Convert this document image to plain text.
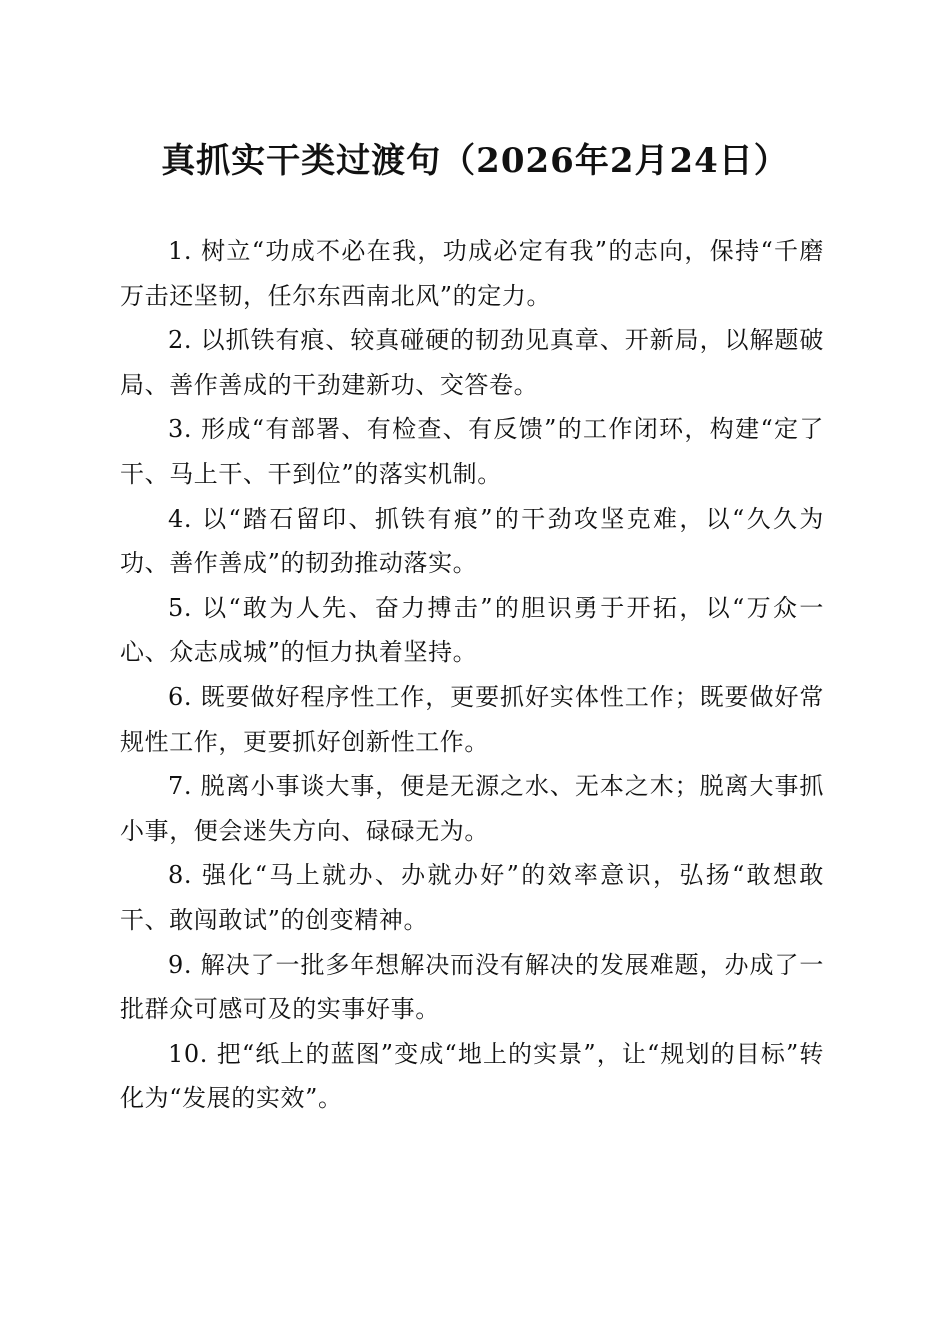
真抓实干类过渡句（2026年2月24日）

1. 树立“功成不必在我，功成必定有我”的志向，保持“千磨万击还坚韧，任尔东西南北风”的定力。

2. 以抓铁有痕、较真碰硬的韧劲见真章、开新局，以解题破局、善作善成的干劲建新功、交答卷。

3. 形成“有部署、有检查、有反馈”的工作闭环，构建“定了干、马上干、干到位”的落实机制。

4. 以“踏石留印、抓铁有痕”的干劲攻坚克难，以“久久为功、善作善成”的韧劲推动落实。

5. 以“敢为人先、奋力搏击”的胆识勇于开拓，以“万众一心、众志成城”的恒力执着坚持。

6. 既要做好程序性工作，更要抓好实体性工作；既要做好常规性工作，更要抓好创新性工作。

7. 脱离小事谈大事，便是无源之水、无本之木；脱离大事抓小事，便会迷失方向、碌碌无为。

8. 强化“马上就办、办就办好”的效率意识，弘扬“敢想敢干、敢闯敢试”的创变精神。

9. 解决了一批多年想解决而没有解决的发展难题，办成了一批群众可感可及的实事好事。

10. 把“纸上的蓝图”变成“地上的实景”，让“规划的目标”转化为“发展的实效”。
